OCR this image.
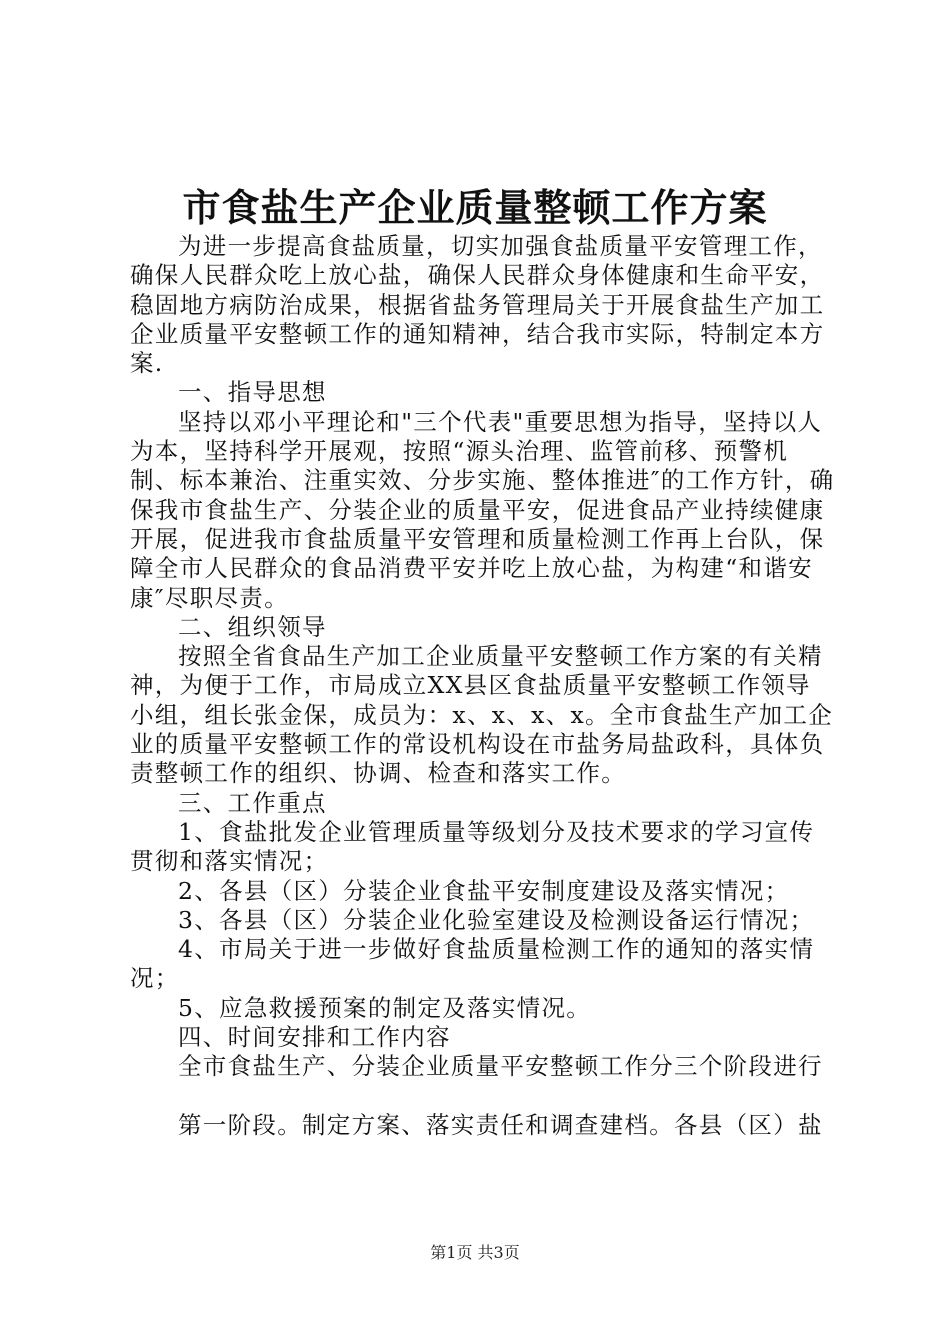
市食盐生产企业质量整顿工作方案

为进一步提高食盐质量，切实加强食盐质量平安管理工作，确保人民群众吃上放心盐，确保人民群众身体健康和生命平安，稳固地方病防治成果，根据省盐务管理局关于开展食盐生产加工企业质量平安整顿工作的通知精神，结合我市实际，特制定本方案.

一、指导思想

坚持以邓小平理论和"三个代表"重要思想为指导，坚持以人为本，坚持科学开展观，按照“源头治理、监管前移、预警机制、标本兼治、注重实效、分步实施、整体推进″的工作方针，确保我市食盐生产、分装企业的质量平安，促进食品产业持续健康开展，促进我市食盐质量平安管理和质量检测工作再上台队，保障全市人民群众的食品消费平安并吃上放心盐，为构建“和谐安康″尽职尽责。

二、组织领导

按照全省食品生产加工企业质量平安整顿工作方案的有关精神，为便于工作，市局成立XX县区食盐质量平安整顿工作领导小组，组长张金保，成员为：x、x、x、x。全市食盐生产加工企业的质量平安整顿工作的常设机构设在市盐务局盐政科，具体负责整顿工作的组织、协调、检查和落实工作。

三、工作重点

1、食盐批发企业管理质量等级划分及技术要求的学习宣传贯彻和落实情况；

2、各县（区）分装企业食盐平安制度建设及落实情况；

3、各县（区）分装企业化验室建设及检测设备运行情况；

4、市局关于进一步做好食盐质量检测工作的通知的落实情况；

5、应急救援预案的制定及落实情况。

四、时间安排和工作内容

全市食盐生产、分装企业质量平安整顿工作分三个阶段进行

第一阶段。制定方案、落实责任和调查建档。各县（区）盐

第1页 共3页
